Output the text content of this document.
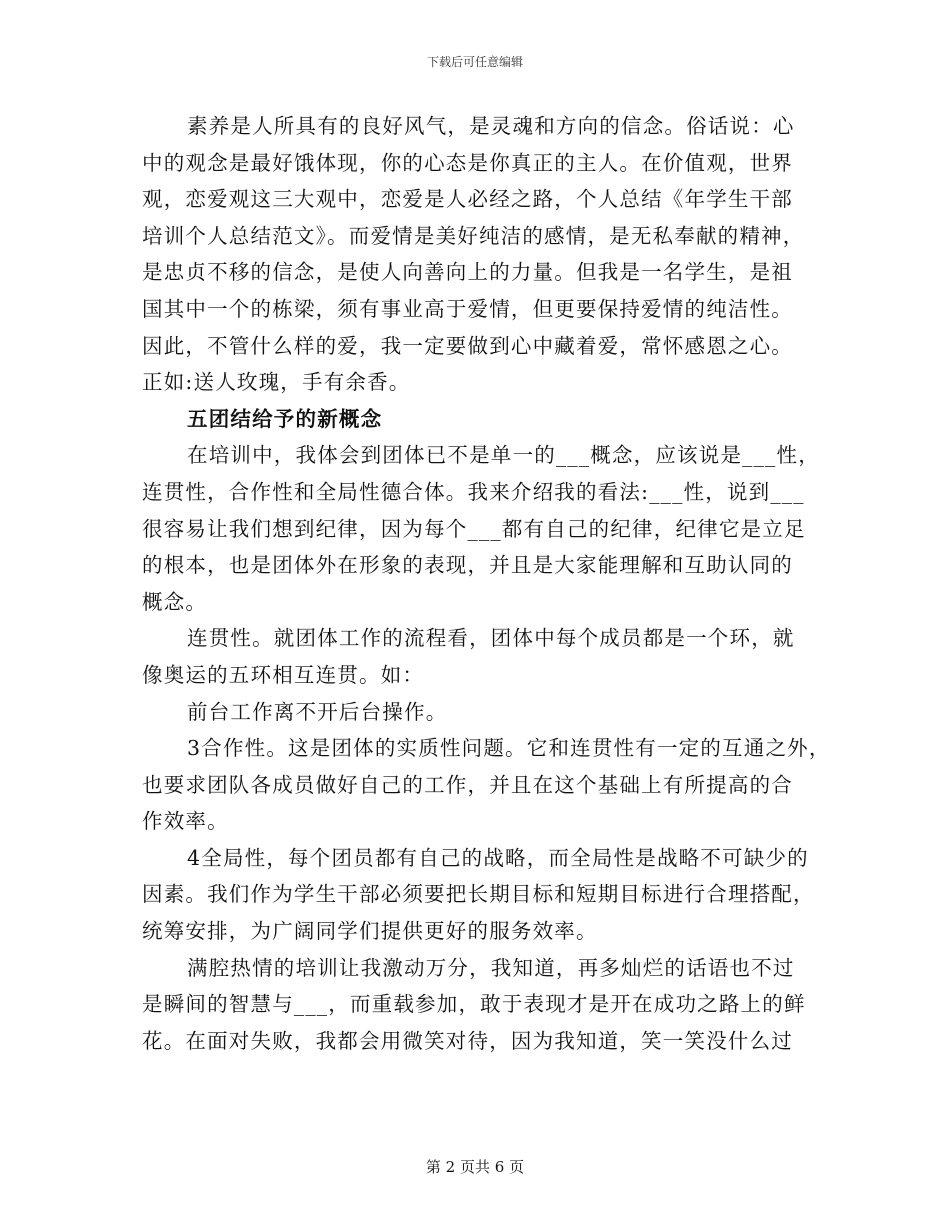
下载后可任意编辑
素养是人所具有的良好风气，是灵魂和方向的信念。俗话说：心
中的观念是最好饿体现，你的心态是你真正的主人。在价值观，世界
观，恋爱观这三大观中，恋爱是人必经之路，个人总结《年学生干部
培训个人总结范文》。而爱情是美好纯洁的感情，是无私奉献的精神，
是忠贞不移的信念，是使人向善向上的力量。但我是一名学生，是祖
国其中一个的栋梁，须有事业高于爱情，但更要保持爱情的纯洁性。
因此，不管什么样的爱，我一定要做到心中藏着爱，常怀感恩之心。
正如:送人玫瑰，手有余香。
五团结给予的新概念
在培训中，我体会到团体已不是单一的___概念，应该说是___性，
连贯性，合作性和全局性德合体。我来介绍我的看法:___性，说到___
很容易让我们想到纪律，因为每个___都有自己的纪律，纪律它是立足
的根本，也是团体外在形象的表现，并且是大家能理解和互助认同的
概念。
连贯性。就团体工作的流程看，团体中每个成员都是一个环，就
像奥运的五环相互连贯。如：
前台工作离不开后台操作。
3合作性。这是团体的实质性问题。它和连贯性有一定的互通之外，
也要求团队各成员做好自己的工作，并且在这个基础上有所提高的合
作效率。
4全局性，每个团员都有自己的战略，而全局性是战略不可缺少的
因素。我们作为学生干部必须要把长期目标和短期目标进行合理搭配，
统筹安排，为广阔同学们提供更好的服务效率。
满腔热情的培训让我激动万分，我知道，再多灿烂的话语也不过
是瞬间的智慧与___，而重载参加，敢于表现才是开在成功之路上的鲜
花。在面对失败，我都会用微笑对待，因为我知道，笑一笑没什么过
第 2 页共 6 页
